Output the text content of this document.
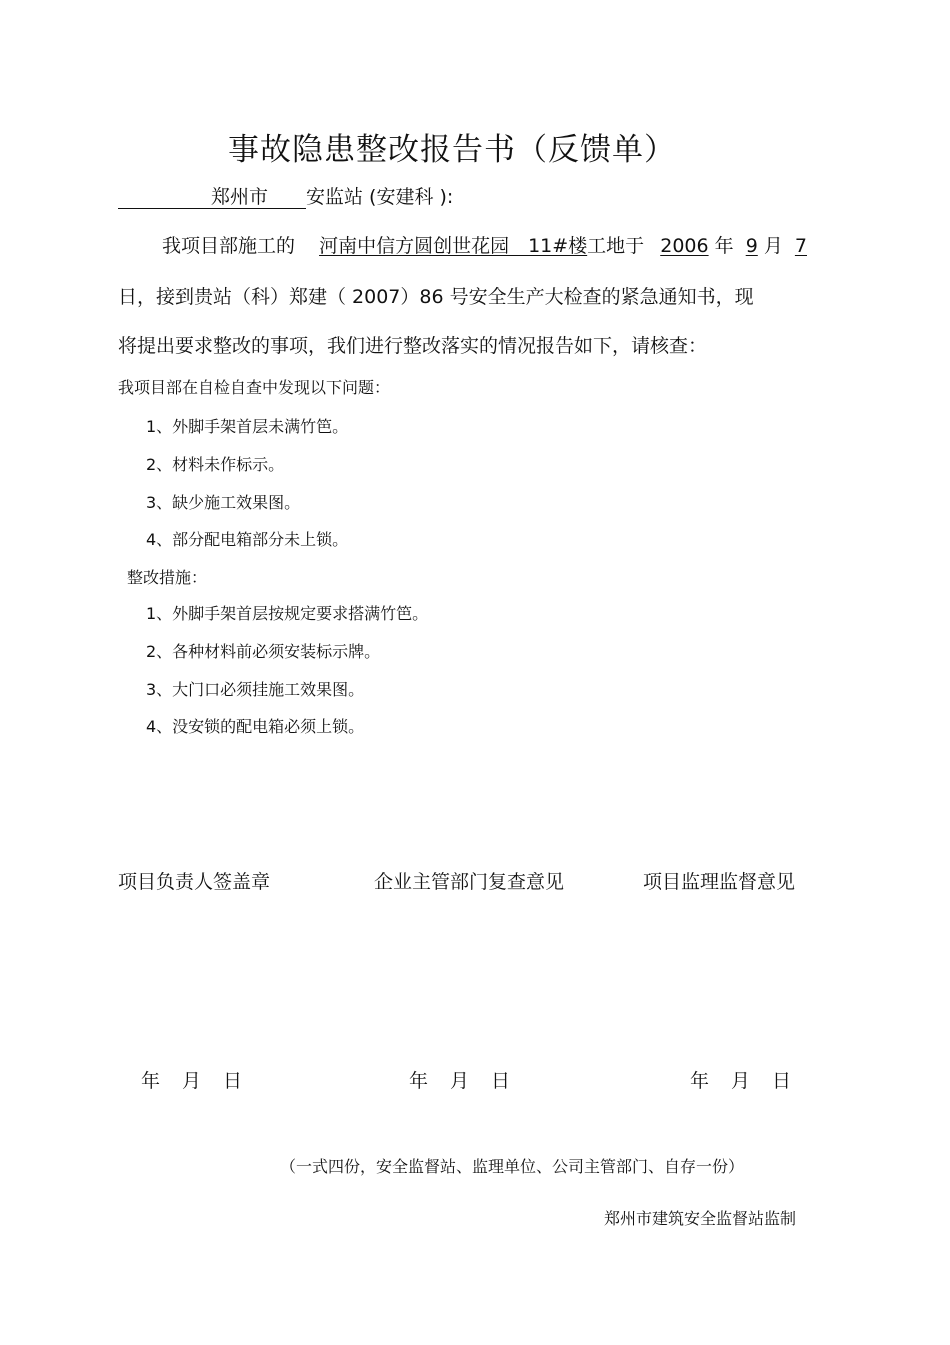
事故隐患整改报告书（反馈单）
郑州市 安监站 (安建科 ):
我项目部施工的 河南中信方圆创世花园　11#楼工地于 2006 年 9 月 7
日，接到贵站（科）郑建（ 2007）86 号安全生产大检查的紧急通知书，现
将提出要求整改的事项，我们进行整改落实的情况报告如下，请核查：
我项目部在自检自查中发现以下问题：
1、外脚手架首层未满竹笆。
2、材料未作标示。
3、缺少施工效果图。
4、部分配电箱部分未上锁。
整改措施：
1、外脚手架首层按规定要求搭满竹笆。
2、各种材料前必须安装标示牌。
3、大门口必须挂施工效果图。
4、没安锁的配电箱必须上锁。
项目负责人签盖章	企业主管部门复查意见	项目监理监督意见
年 月 日	年 月 日	年 月 日
（一式四份，安全监督站、监理单位、公司主管部门、自存一份）
郑州市建筑安全监督站监制
